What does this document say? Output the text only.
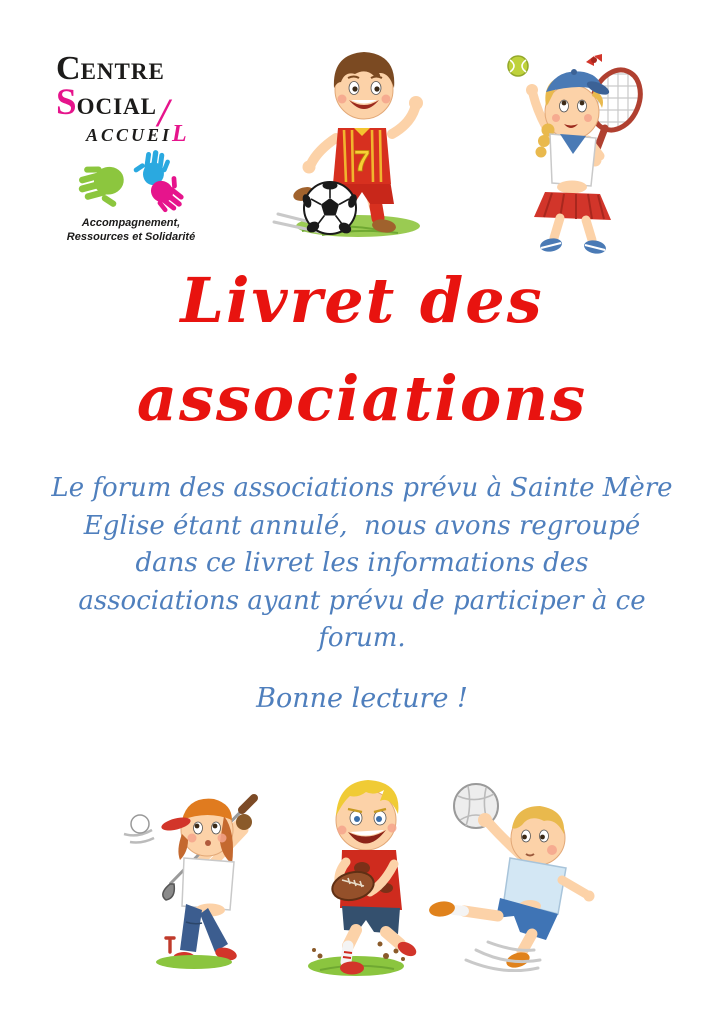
CENTRE
SOCIAL/
ACCUEIL
Accompagnement,
Ressources et Solidarité
7
Livret des
associations
Le forum des associations prévu à Sainte Mère
Eglise étant annulé,  nous avons regroupé
dans ce livret les informations des
associations ayant prévu de participer à ce
forum.
Bonne lecture !
